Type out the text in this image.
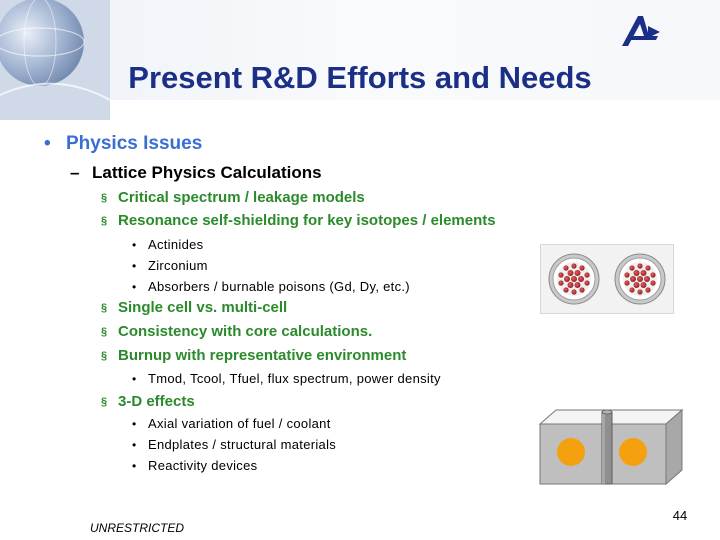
Present R&D Efforts and Needs
• Physics Issues
– Lattice Physics Calculations
§ Critical spectrum / leakage models
§ Resonance self-shielding for key isotopes / elements
• Actinides
• Zirconium
• Absorbers / burnable poisons (Gd, Dy, etc.)
§ Single cell vs. multi-cell
§ Consistency with core calculations.
§ Burnup with representative environment
• Tmod, Tcool, Tfuel, flux spectrum, power density
§ 3-D effects
• Axial variation of fuel / coolant
• Endplates / structural materials
• Reactivity devices
44
UNRESTRICTED
